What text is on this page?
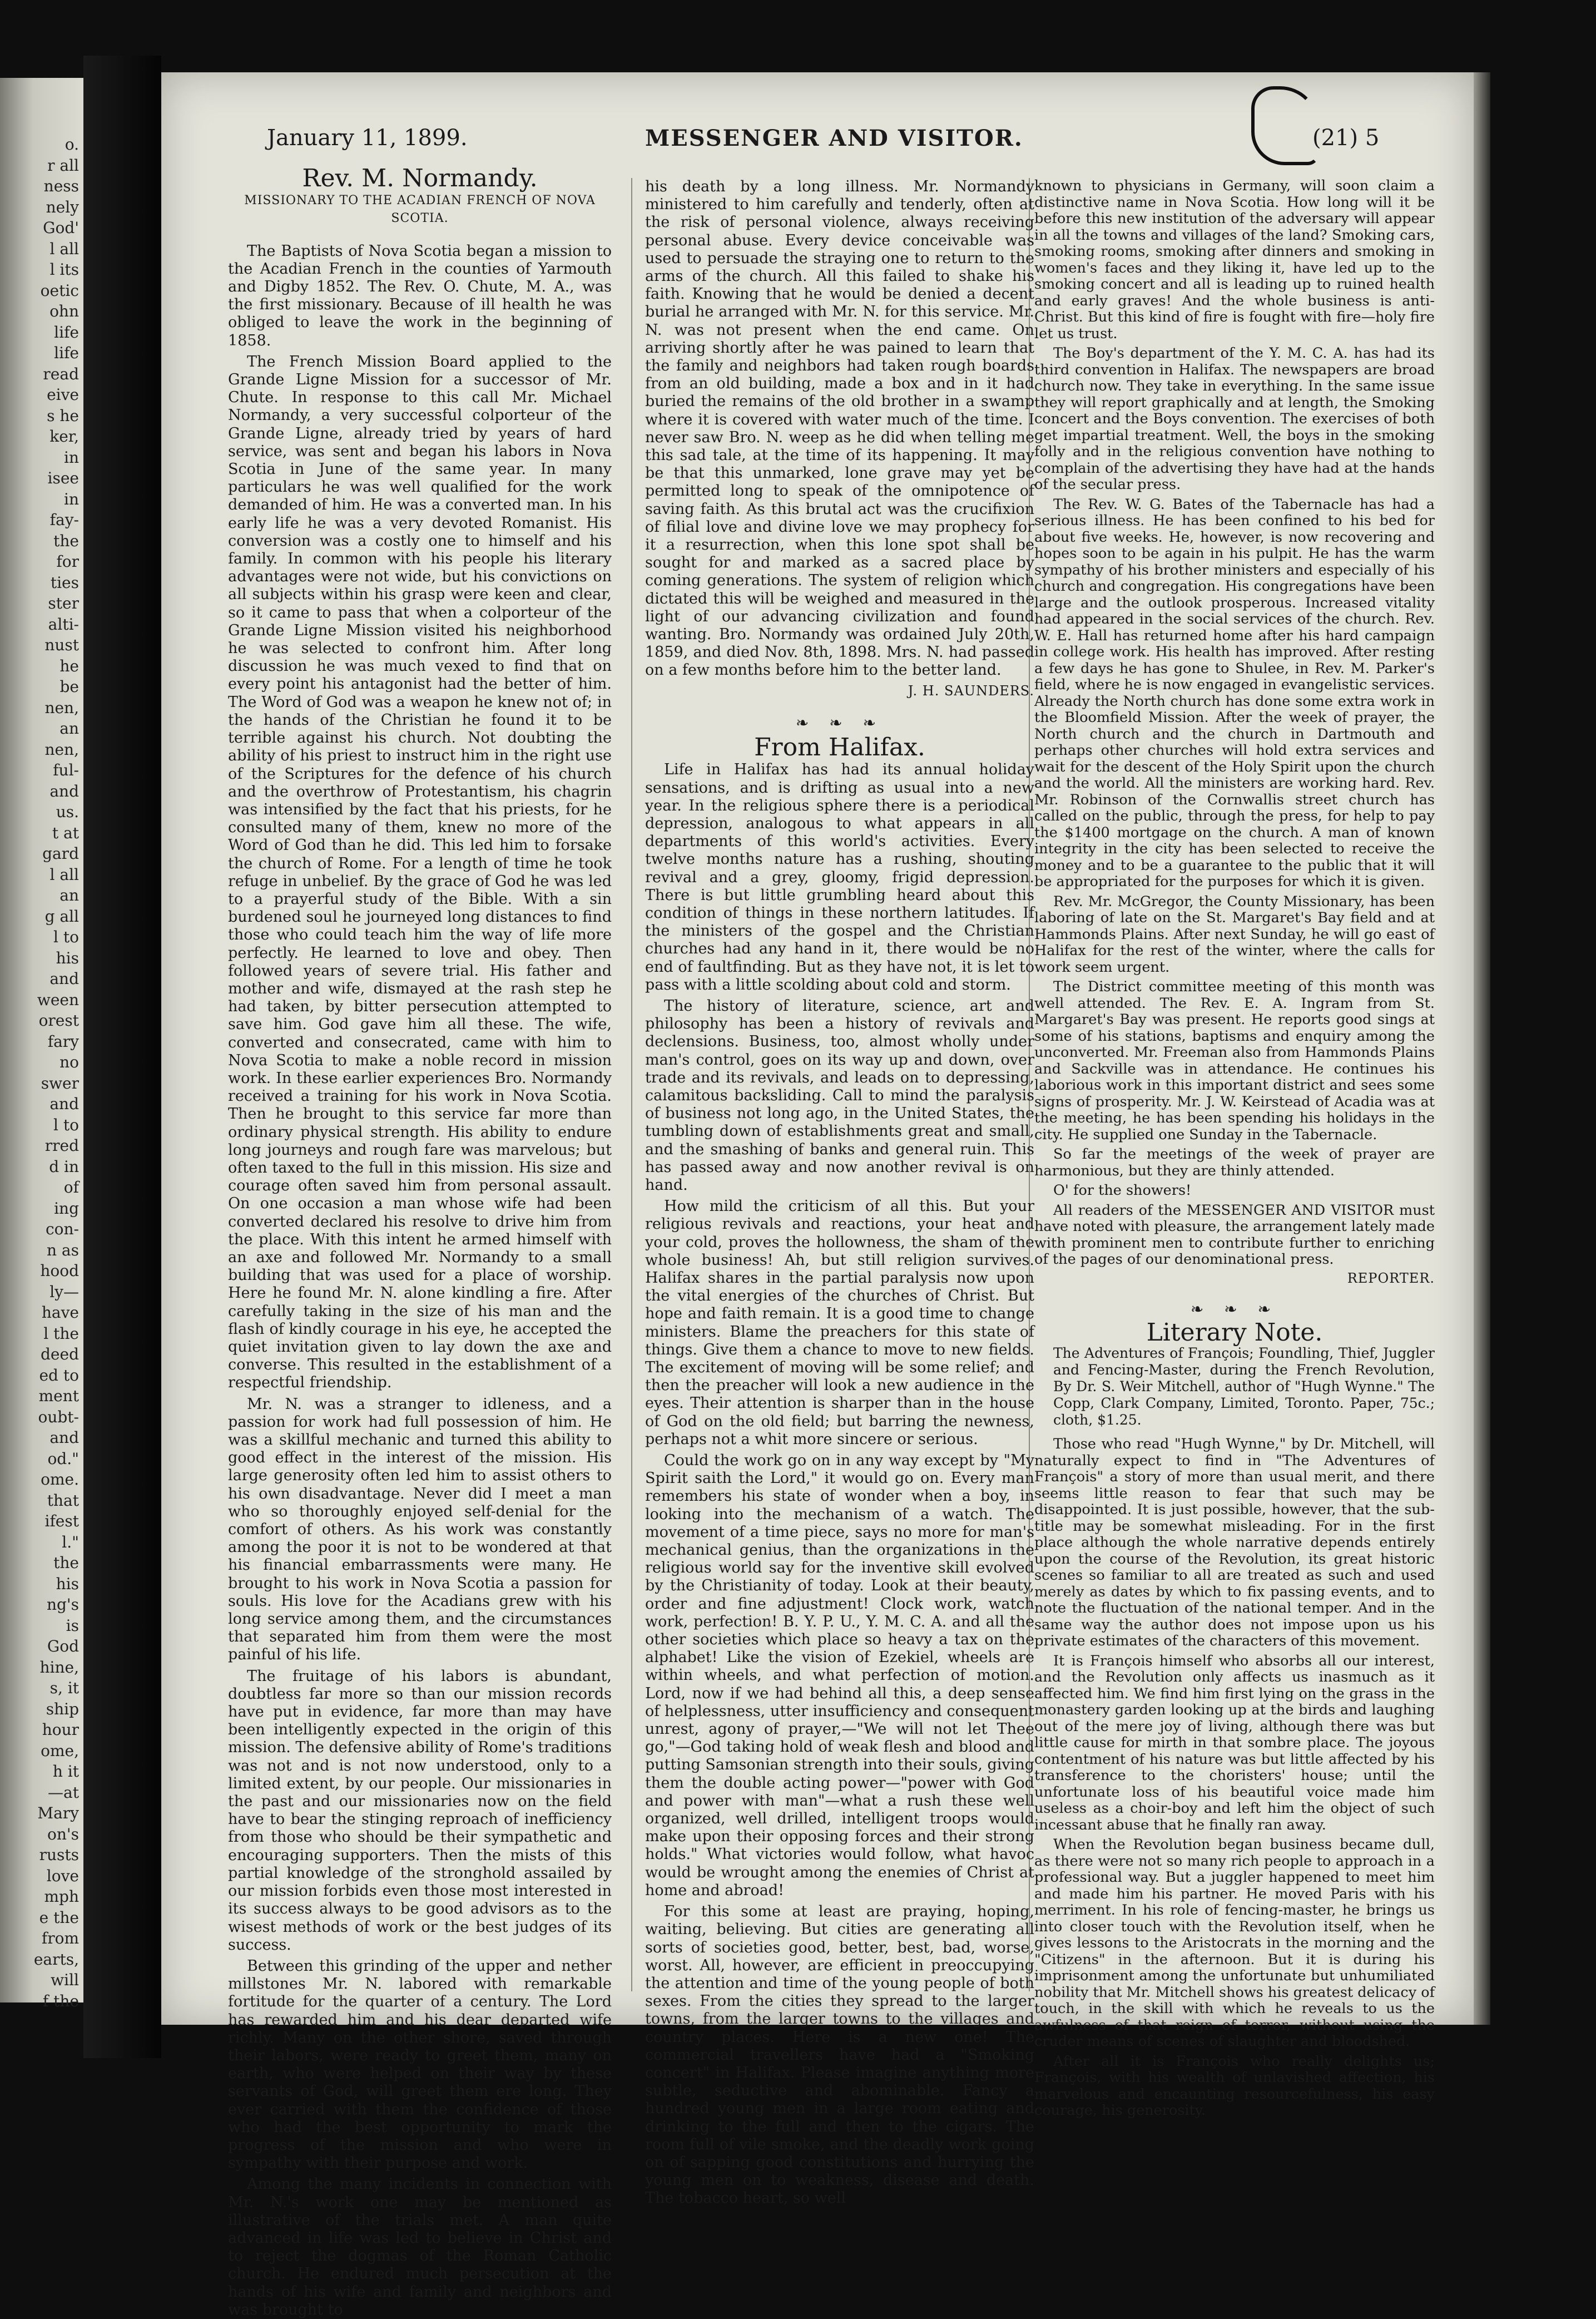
o.
r all
ness
nely
God'
l all
l its
oetic
ohn
life
life
read
eive
s he
ker,
in
isee
in
fay-
the
for
ties
ster
alti-
nust
he
be
nen,
an
nen,
ful-
and
us.
t at
gard
l all
an
g all
l to
his
and
ween
orest
fary
no
swer
and
l to
rred
d in
of
ing
con-
n as
hood
ly—
have
l the
deed
ed to
ment
oubt-
and
od."
ome.
that
ifest
l."
the
his
ng's
is
God
hine,
s, it
ship
hour
ome,
h it
—at
Mary
on's
rusts
love
mph
e the
from
earts,
will
f the
January 11, 1899.	MESSENGER AND VISITOR.	(21) 5
Rev. M. Normandy.
MISSIONARY TO THE ACADIAN FRENCH OF NOVA SCOTIA.

The Baptists of Nova Scotia began a mission to the Acadian French in the counties of Yarmouth and Digby 1852. The Rev. O. Chute, M. A., was the first missionary. Because of ill health he was obliged to leave the work in the beginning of 1858.

The French Mission Board applied to the Grande Ligne Mission for a successor of Mr. Chute. In response to this call Mr. Michael Normandy, a very successful colporteur of the Grande Ligne, already tried by years of hard service, was sent and began his labors in Nova Scotia in June of the same year. In many particulars he was well qualified for the work demanded of him. He was a converted man. In his early life he was a very devoted Romanist. His conversion was a costly one to himself and his family. In common with his people his literary advantages were not wide, but his convictions on all subjects within his grasp were keen and clear, so it came to pass that when a colporteur of the Grande Ligne Mission visited his neighborhood he was selected to confront him. After long discussion he was much vexed to find that on every point his antagonist had the better of him. The Word of God was a weapon he knew not of; in the hands of the Christian he found it to be terrible against his church. Not doubting the ability of his priest to instruct him in the right use of the Scriptures for the defence of his church and the overthrow of Protestantism, his chagrin was intensified by the fact that his priests, for he consulted many of them, knew no more of the Word of God than he did. This led him to forsake the church of Rome. For a length of time he took refuge in unbelief. By the grace of God he was led to a prayerful study of the Bible. With a sin burdened soul he journeyed long distances to find those who could teach him the way of life more perfectly. He learned to love and obey. Then followed years of severe trial. His father and mother and wife, dismayed at the rash step he had taken, by bitter persecution attempted to save him. God gave him all these. The wife, converted and consecrated, came with him to Nova Scotia to make a noble record in mission work. In these earlier experiences Bro. Normandy received a training for his work in Nova Scotia. Then he brought to this service far more than ordinary physical strength. His ability to endure long journeys and rough fare was marvelous; but often taxed to the full in this mission. His size and courage often saved him from personal assault. On one occasion a man whose wife had been converted declared his resolve to drive him from the place. With this intent he armed himself with an axe and followed Mr. Normandy to a small building that was used for a place of worship. Here he found Mr. N. alone kindling a fire. After carefully taking in the size of his man and the flash of kindly courage in his eye, he accepted the quiet invitation given to lay down the axe and converse. This resulted in the establishment of a respectful friendship.

Mr. N. was a stranger to idleness, and a passion for work had full possession of him. He was a skillful mechanic and turned this ability to good effect in the interest of the mission. His large generosity often led him to assist others to his own disadvantage. Never did I meet a man who so thoroughly enjoyed self-denial for the comfort of others. As his work was constantly among the poor it is not to be wondered at that his financial embarrassments were many. He brought to his work in Nova Scotia a passion for souls. His love for the Acadians grew with his long service among them, and the circumstances that separated him from them were the most painful of his life.

The fruitage of his labors is abundant, doubtless far more so than our mission records have put in evidence, far more than may have been intelligently expected in the origin of this mission. The defensive ability of Rome's traditions was not and is not now understood, only to a limited extent, by our people. Our missionaries in the past and our missionaries now on the field have to bear the stinging reproach of inefficiency from those who should be their sympathetic and encouraging supporters. Then the mists of this partial knowledge of the stronghold assailed by our mission forbids even those most interested in its success always to be good advisors as to the wisest methods of work or the best judges of its success.

Between this grinding of the upper and nether millstones Mr. N. labored with remarkable fortitude for the quarter of a century. The Lord has rewarded him and his dear departed wife richly. Many on the other shore, saved through their labors, were ready to greet them, many on earth, who were helped on their way by these servants of God, will greet them ere long. They ever carried with them the confidence of those who had the best opportunity to mark the progress of the mission and who were in sympathy with their purpose and work.

Among the many incidents in connection with Mr. N.'s work one may be mentioned as illustrative of the trials met. A man quite advanced in life was led to believe in Christ and to reject the dogmas of the Roman Catholic church. He endured much persecution at the hands of his wife and family and neighbors and was brought to

his death by a long illness. Mr. Normandy ministered to him carefully and tenderly, often at the risk of personal violence, always receiving personal abuse. Every device conceivable was used to persuade the straying one to return to the arms of the church. All this failed to shake his faith. Knowing that he would be denied a decent burial he arranged with Mr. N. for this service. Mr. N. was not present when the end came. On arriving shortly after he was pained to learn that the family and neighbors had taken rough boards from an old building, made a box and in it had buried the remains of the old brother in a swamp where it is covered with water much of the time. I never saw Bro. N. weep as he did when telling me this sad tale, at the time of its happening. It may be that this unmarked, lone grave may yet be permitted long to speak of the omnipotence of saving faith. As this brutal act was the crucifixion of filial love and divine love we may prophecy for it a resurrection, when this lone spot shall be sought for and marked as a sacred place by coming generations. The system of religion which dictated this will be weighed and measured in the light of our advancing civilization and found wanting. Bro. Normandy was ordained July 20th, 1859, and died Nov. 8th, 1898. Mrs. N. had passed on a few months before him to the better land.

J. H. SAUNDERS.

❧ ❧ ❧
From Halifax.

Life in Halifax has had its annual holiday sensations, and is drifting as usual into a new year. In the religious sphere there is a periodical depression, analogous to what appears in all departments of this world's activities. Every twelve months nature has a rushing, shouting revival and a grey, gloomy, frigid depression. There is but little grumbling heard about this condition of things in these northern latitudes. If the ministers of the gospel and the Christian churches had any hand in it, there would be no end of faultfinding. But as they have not, it is let to pass with a little scolding about cold and storm.

The history of literature, science, art and philosophy has been a history of revivals and declensions. Business, too, almost wholly under man's control, goes on its way up and down, over trade and its revivals, and leads on to depressing, calamitous backsliding. Call to mind the paralysis of business not long ago, in the United States, the tumbling down of establishments great and small, and the smashing of banks and general ruin. This has passed away and now another revival is on hand.

How mild the criticism of all this. But your religious revivals and reactions, your heat and your cold, proves the hollowness, the sham of the whole business! Ah, but still religion survives. Halifax shares in the partial paralysis now upon the vital energies of the churches of Christ. But hope and faith remain. It is a good time to change ministers. Blame the preachers for this state of things. Give them a chance to move to new fields. The excitement of moving will be some relief; and then the preacher will look a new audience in the eyes. Their attention is sharper than in the house of God on the old field; but barring the newness, perhaps not a whit more sincere or serious.

Could the work go on in any way except by "My Spirit saith the Lord," it would go on. Every man remembers his state of wonder when a boy, in looking into the mechanism of a watch. The movement of a time piece, says no more for man's mechanical genius, than the organizations in the religious world say for the inventive skill evolved by the Christianity of today. Look at their beauty, order and fine adjustment! Clock work, watch work, perfection! B. Y. P. U., Y. M. C. A. and all the other societies which place so heavy a tax on the alphabet! Like the vision of Ezekiel, wheels are within wheels, and what perfection of motion. Lord, now if we had behind all this, a deep sense of helplessness, utter insufficiency and consequent unrest, agony of prayer,—"We will not let Thee go,"—God taking hold of weak flesh and blood and putting Samsonian strength into their souls, giving them the double acting power—"power with God and power with man"—what a rush these well organized, well drilled, intelligent troops would make upon their opposing forces and their strong holds." What victories would follow, what havoc would be wrought among the enemies of Christ at home and abroad!

For this some at least are praying, hoping, waiting, believing. But cities are generating all sorts of societies good, better, best, bad, worse, worst. All, however, are efficient in preoccupying the attention and time of the young people of both sexes. From the cities they spread to the larger towns, from the larger towns to the villages and country places. Here is a new one! The commercial travellers have had a "Smoking concert" in Halifax. Please imagine anything more subtle, seductive and abominable. Fancy a hundred young men in a large room eating and drinking to the full and then to the cigars. The room full of vile smoke, and the deadly work going on of sapping good constitutions and hurrying the young men on to weakness, disease and death. The tobacco heart, so well

known to physicians in Germany, will soon claim a distinctive name in Nova Scotia. How long will it be before this new institution of the adversary will appear in all the towns and villages of the land? Smoking cars, smoking rooms, smoking after dinners and smoking in women's faces and they liking it, have led up to the smoking concert and all is leading up to ruined health and early graves! And the whole business is anti-Christ. But this kind of fire is fought with fire—holy fire let us trust.

The Boy's department of the Y. M. C. A. has had its third convention in Halifax. The newspapers are broad church now. They take in everything. In the same issue they will report graphically and at length, the Smoking concert and the Boys convention. The exercises of both get impartial treatment. Well, the boys in the smoking folly and in the religious convention have nothing to complain of the advertising they have had at the hands of the secular press.

The Rev. W. G. Bates of the Tabernacle has had a serious illness. He has been confined to his bed for about five weeks. He, however, is now recovering and hopes soon to be again in his pulpit. He has the warm sympathy of his brother ministers and especially of his church and congregation. His congregations have been large and the outlook prosperous. Increased vitality had appeared in the social services of the church. Rev. W. E. Hall has returned home after his hard campaign in college work. His health has improved. After resting a few days he has gone to Shulee, in Rev. M. Parker's field, where he is now engaged in evangelistic services. Already the North church has done some extra work in the Bloomfield Mission. After the week of prayer, the North church and the church in Dartmouth and perhaps other churches will hold extra services and wait for the descent of the Holy Spirit upon the church and the world. All the ministers are working hard. Rev. Mr. Robinson of the Cornwallis street church has called on the public, through the press, for help to pay the $1400 mortgage on the church. A man of known integrity in the city has been selected to receive the money and to be a guarantee to the public that it will be appropriated for the purposes for which it is given.

Rev. Mr. McGregor, the County Missionary, has been laboring of late on the St. Margaret's Bay field and at Hammonds Plains. After next Sunday, he will go east of Halifax for the rest of the winter, where the calls for work seem urgent.

The District committee meeting of this month was well attended. The Rev. E. A. Ingram from St. Margaret's Bay was present. He reports good sings at some of his stations, baptisms and enquiry among the unconverted. Mr. Freeman also from Hammonds Plains and Sackville was in attendance. He continues his laborious work in this important district and sees some signs of prosperity. Mr. J. W. Keirstead of Acadia was at the meeting, he has been spending his holidays in the city. He supplied one Sunday in the Tabernacle.

So far the meetings of the week of prayer are harmonious, but they are thinly attended.

O' for the showers!

All readers of the MESSENGER AND VISITOR must have noted with pleasure, the arrangement lately made with prominent men to contribute further to enriching of the pages of our denominational press.

REPORTER.

❧ ❧ ❧
Literary Note.

The Adventures of François; Foundling, Thief, Juggler and Fencing-Master, during the French Revolution, By Dr. S. Weir Mitchell, author of "Hugh Wynne." The Copp, Clark Company, Limited, Toronto. Paper, 75c.; cloth, $1.25.

Those who read "Hugh Wynne," by Dr. Mitchell, will naturally expect to find in "The Adventures of François" a story of more than usual merit, and there seems little reason to fear that such may be disappointed. It is just possible, however, that the sub-title may be somewhat misleading. For in the first place although the whole narrative depends entirely upon the course of the Revolution, its great historic scenes so familiar to all are treated as such and used merely as dates by which to fix passing events, and to note the fluctuation of the national temper. And in the same way the author does not impose upon us his private estimates of the characters of this movement.

It is François himself who absorbs all our interest, and the Revolution only affects us inasmuch as it affected him. We find him first lying on the grass in the monastery garden looking up at the birds and laughing out of the mere joy of living, although there was but little cause for mirth in that sombre place. The joyous contentment of his nature was but little affected by his transference to the choristers' house; until the unfortunate loss of his beautiful voice made him useless as a choir-boy and left him the object of such incessant abuse that he finally ran away.

When the Revolution began business became dull, as there were not so many rich people to approach in a professional way. But a juggler happened to meet him and made him his partner. He moved Paris with his merriment. In his role of fencing-master, he brings us into closer touch with the Revolution itself, when he gives lessons to the Aristocrats in the morning and the "Citizens" in the afternoon. But it is during his imprisonment among the unfortunate but unhumiliated nobility that Mr. Mitchell shows his greatest delicacy of touch, in the skill with which he reveals to us the awfulness of that reign of terror, without using the cruder means of scenes of slaughter and bloodshed.

After all it is François who really delights us; François, with his wealth of unlavished affection, his marvelous and encaunting resourcefulness, his easy courage, his generosity.
